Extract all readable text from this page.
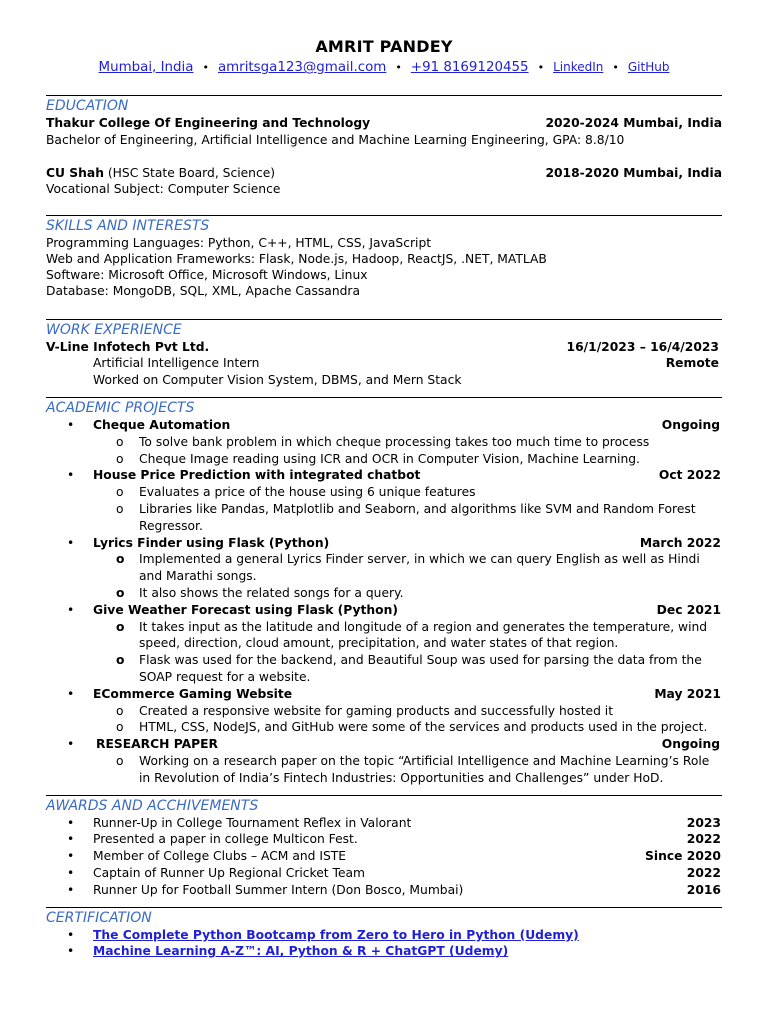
AMRIT PANDEY
Mumbai, India • amritsga123@gmail.com • +91 8169120455 • LinkedIn • GitHub
EDUCATION
Thakur College Of Engineering and Technology	2020-2024 Mumbai, India
Bachelor of Engineering, Artificial Intelligence and Machine Learning Engineering, GPA: 8.8/10
CU Shah (HSC State Board, Science)	2018-2020 Mumbai, India
Vocational Subject: Computer Science
SKILLS AND INTERESTS
Programming Languages: Python, C++, HTML, CSS, JavaScript
Web and Application Frameworks: Flask, Node.js, Hadoop, ReactJS, .NET, MATLAB
Software: Microsoft Office, Microsoft Windows, Linux
Database: MongoDB, SQL, XML, Apache Cassandra
WORK EXPERIENCE
V-Line Infotech Pvt Ltd.	16/1/2023 – 16/4/2023
Artificial Intelligence Intern	Remote
Worked on Computer Vision System, DBMS, and Mern Stack
ACADEMIC PROJECTS
•	Cheque Automation	Ongoing
o	To solve bank problem in which cheque processing takes too much time to process
o	Cheque Image reading using ICR and OCR in Computer Vision, Machine Learning.
•	House Price Prediction with integrated chatbot	Oct 2022
o	Evaluates a price of the house using 6 unique features
o	Libraries like Pandas, Matplotlib and Seaborn, and algorithms like SVM and Random Forest Regressor.
•	Lyrics Finder using Flask (Python)	March 2022
o	Implemented a general Lyrics Finder server, in which we can query English as well as Hindi and Marathi songs.
o	It also shows the related songs for a query.
•	Give Weather Forecast using Flask (Python)	Dec 2021
o	It takes input as the latitude and longitude of a region and generates the temperature, wind speed, direction, cloud amount, precipitation, and water states of that region.
o	Flask was used for the backend, and Beautiful Soup was used for parsing the data from the SOAP request for a website.
•	ECommerce Gaming Website	May 2021
o	Created a responsive website for gaming products and successfully hosted it
o	HTML, CSS, NodeJS, and GitHub were some of the services and products used in the project.
•	RESEARCH PAPER	Ongoing
o	Working on a research paper on the topic “Artificial Intelligence and Machine Learning’s Role in Revolution of India’s Fintech Industries: Opportunities and Challenges” under HoD.
AWARDS AND ACCHIVEMENTS
•	Runner-Up in College Tournament Reflex in Valorant	2023
•	Presented a paper in college Multicon Fest.	2022
•	Member of College Clubs – ACM and ISTE	Since 2020
•	Captain of Runner Up Regional Cricket Team	2022
•	Runner Up for Football Summer Intern (Don Bosco, Mumbai)	2016
CERTIFICATION
•	The Complete Python Bootcamp from Zero to Hero in Python (Udemy)
•	Machine Learning A-Z™: AI, Python & R + ChatGPT (Udemy)
